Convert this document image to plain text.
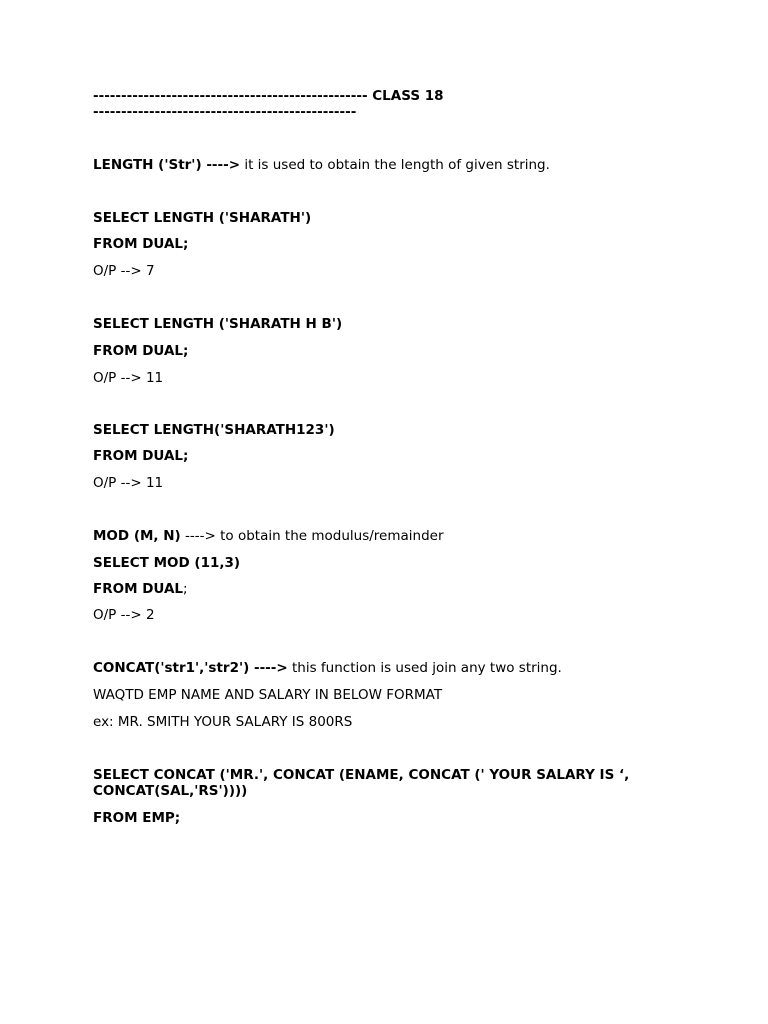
------------------------------------------------- CLASS 18
-----------------------------------------------
LENGTH ('Str') ----> it is used to obtain the length of given string.
SELECT LENGTH ('SHARATH')
FROM DUAL;
O/P --> 7
SELECT LENGTH ('SHARATH H B')
FROM DUAL;
O/P --> 11
SELECT LENGTH('SHARATH123')
FROM DUAL;
O/P --> 11
MOD (M, N) ----> to obtain the modulus/remainder
SELECT MOD (11,3)
FROM DUAL;
O/P --> 2
CONCAT('str1','str2') ----> this function is used join any two string.
WAQTD EMP NAME AND SALARY IN BELOW FORMAT
ex: MR. SMITH YOUR SALARY IS 800RS
SELECT CONCAT ('MR.', CONCAT (ENAME, CONCAT (' YOUR SALARY IS ‘,
CONCAT(SAL,'RS'))))
FROM EMP;
